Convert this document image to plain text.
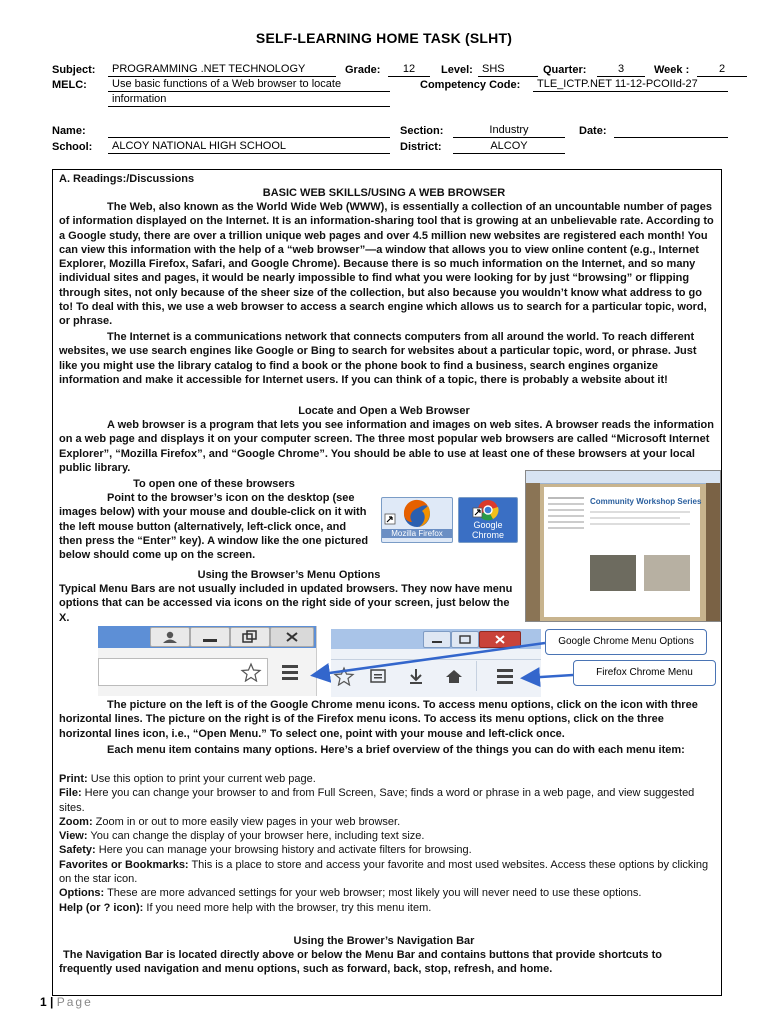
SELF-LEARNING HOME TASK (SLHT)
Subject:	PROGRAMMING .NET TECHNOLOGY	Grade:	12	Level: SHS	Quarter:	3	Week :	2
MELC:	Use basic functions of a Web browser to locate
information
Competency Code:	TLE_ICTP.NET 11-12-PCOIId-27
Name:	Section:	Industry	Date:
School:	ALCOY NATIONAL HIGH SCHOOL	District:	ALCOY
A. Readings:/Discussions
BASIC WEB SKILLS/USING A WEB BROWSER
The Web, also known as the World Wide Web (WWW), is essentially a collection of an uncountable number of pages of information displayed on the Internet. It is an information-sharing tool that is growing at an unbelievable rate. According to a Google study, there are over a trillion unique web pages and over 4.5 million new websites are registered each month! You can view this information with the help of a “web browser”—a window that allows you to view online content (e.g., Internet Explorer, Mozilla Firefox, Safari, and Google Chrome). Because there is so much information on the Internet, and so many individual sites and pages, it would be nearly impossible to find what you were looking for by just “browsing” or flipping through sites, not only because of the sheer size of the collection, but also because you wouldn’t know what address to go to! To deal with this, we use a web browser to access a search engine which allows us to search for a particular topic, word, or phrase.
The Internet is a communications network that connects computers from all around the world. To reach different websites, we use search engines like Google or Bing to search for websites about a particular topic, word, or phrase. Just like you might use the library catalog to find a book or the phone book to find a business, search engines organize information and make it accessible for Internet users. If you can think of a topic, there is probably a website about it!
Locate and Open a Web Browser
A web browser is a program that lets you see information and images on web sites. A browser reads the information on a web page and displays it on your computer screen. The three most popular web browsers are called “Microsoft Internet Explorer”, “Mozilla Firefox”, and “Google Chrome”. You should be able to use at least one of these browsers at your local public library.
To open one of these browsers
Point to the browser’s icon on the desktop (see images below) with your mouse and double-click on it with the left mouse button (alternatively, left-click once, and then press the “Enter” key). A window like the one pictured below should come up on the screen.
Mozilla Firefox
Google
Chrome
Community Workshop Series
Using the Browser’s Menu Options
Typical Menu Bars are not usually included in updated browsers. They now have menu options that can be accessed via icons on the right side of your screen, just below the X.
Google Chrome Menu Options
Firefox Chrome Menu
The picture on the left is of the Google Chrome menu icons. To access menu options, click on the icon with three horizontal lines. The picture on the right is of the Firefox menu icons. To access its menu options, click on the three horizontal lines icon, i.e., “Open Menu.” To select one, point with your mouse and left-click once.
Each menu item contains many options. Here’s a brief overview of the things you can do with each menu item:
Print: Use this option to print your current web page.
File: Here you can change your browser to and from Full Screen, Save; finds a word or phrase in a web page, and view suggested sites.
Zoom: Zoom in or out to more easily view pages in your web browser.
View: You can change the display of your browser here, including text size.
Safety: Here you can manage your browsing history and activate filters for browsing.
Favorites or Bookmarks: This is a place to store and access your favorite and most used websites. Access these options by clicking on the star icon.
Options: These are more advanced settings for your web browser; most likely you will never need to use these options.
Help (or ? icon): If you need more help with the browser, try this menu item.
Using the Brower’s Navigation Bar
The Navigation Bar is located directly above or below the Menu Bar and contains buttons that provide shortcuts to frequently used navigation and menu options, such as forward, back, stop, refresh, and home.
1 | Page
